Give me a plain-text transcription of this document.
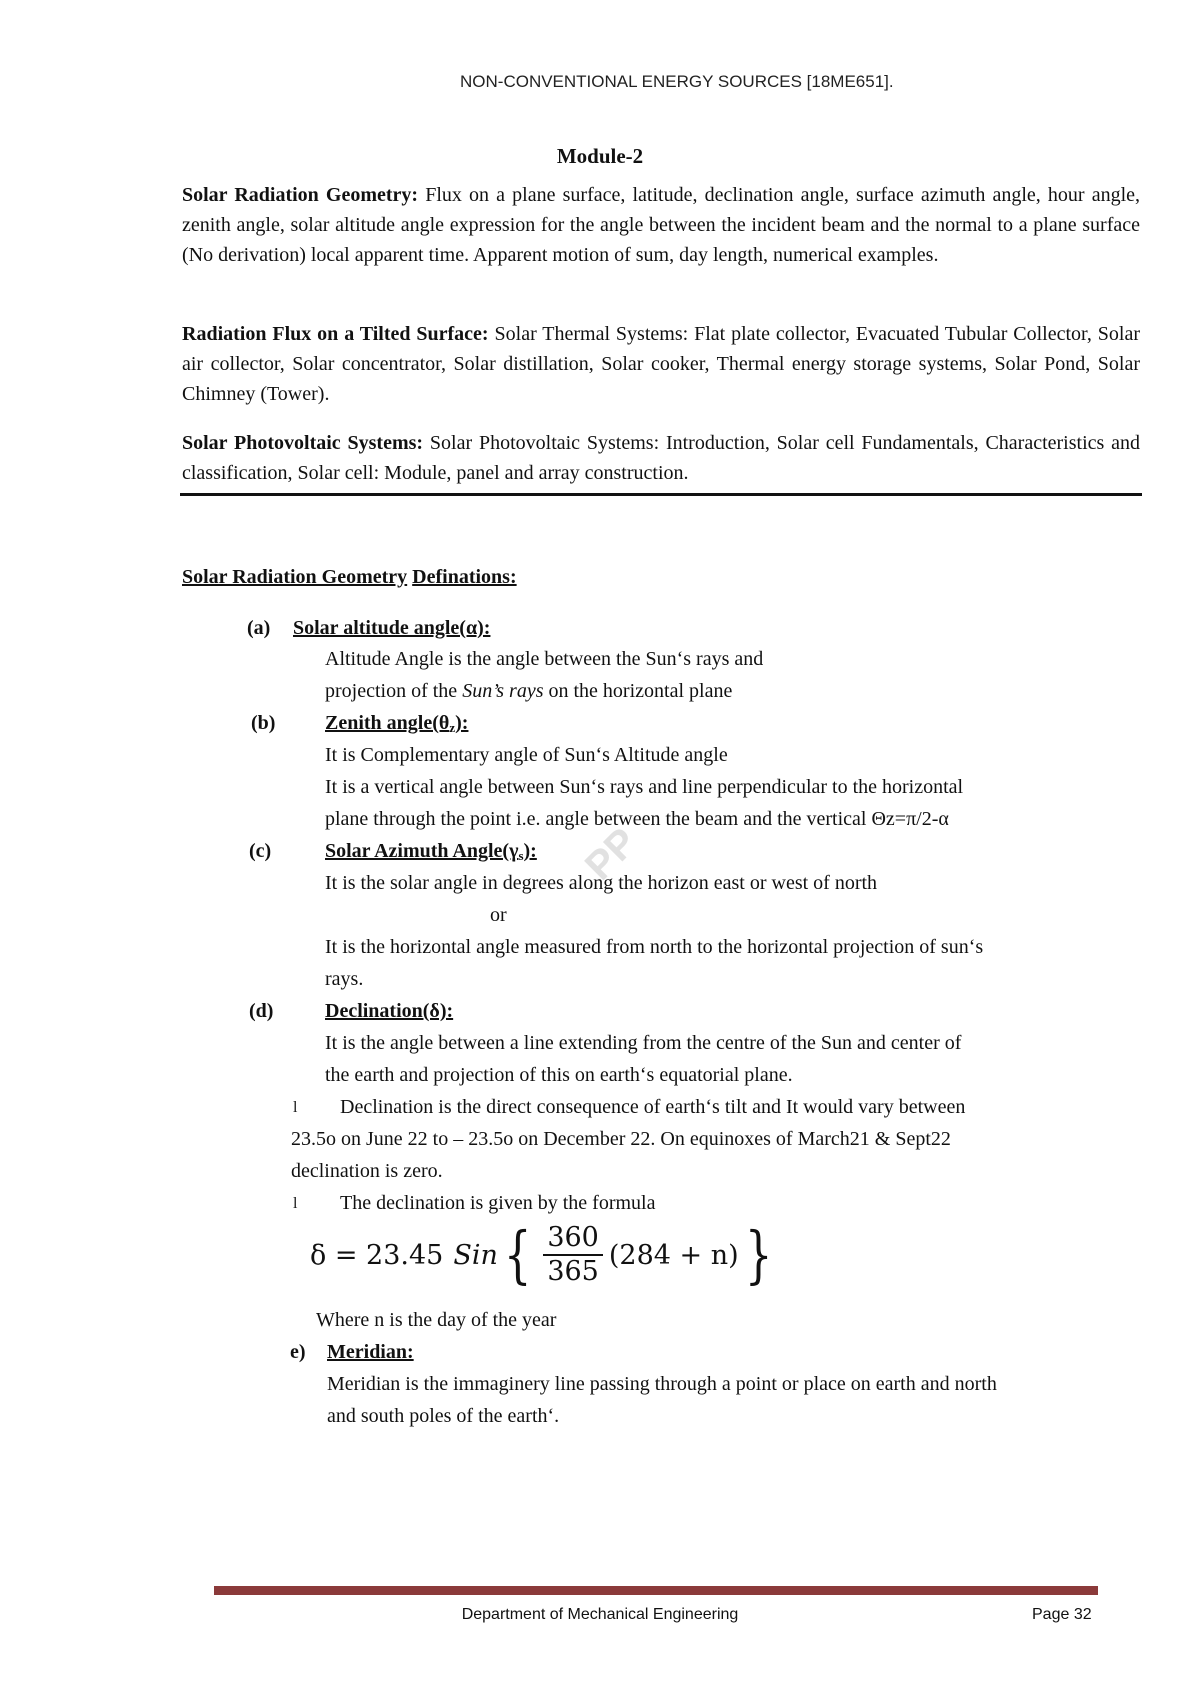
NON-CONVENTIONAL ENERGY SOURCES [18ME651].
Module-2
Solar Radiation Geometry: Flux on a plane surface, latitude, declination angle, surface azimuth angle, hour angle, zenith angle, solar altitude angle expression for the angle between the incident beam and the normal to a plane surface (No derivation) local apparent time. Apparent motion of sum, day length, numerical examples.
Radiation Flux on a Tilted Surface: Solar Thermal Systems: Flat plate collector, Evacuated Tubular Collector, Solar air collector, Solar concentrator, Solar distillation, Solar cooker, Thermal energy storage systems, Solar Pond, Solar Chimney (Tower).
Solar Photovoltaic Systems: Solar Photovoltaic Systems: Introduction, Solar cell Fundamentals, Characteristics and classification, Solar cell: Module, panel and array construction.
Solar Radiation Geometry Definations:
(a) Solar altitude angle(α):
Altitude Angle is the angle between the Sun‘s rays and
projection of the Sun’s rays on the horizontal plane
(b) Zenith $angle(\theta_z)$:
It is Complementary angle of Sun‘s Altitude angle
It is a vertical angle between Sun‘s rays and line perpendicular to the horizontal
plane through the point i.e. angle between the beam and the vertical Θz=π/2-α
(c)	Solar Azimuth $Angle(\gamma_s)$:
It is the solar angle in degrees along the horizon east or west of north
or
It is the horizontal angle measured from north to the horizontal projection of sun‘s
rays.
(d)	Declination(δ):
It is the angle between a line extending from the centre of the Sun and center of
the earth and projection of this on earth‘s equatorial plane.
l Declination is the direct consequence of earth‘s tilt and It would vary between
23.5o on June 22 to – 23.5o on December 22. On equinoxes of March21 & Sept22
declination is zero.
l The declination is given by the formula
δ = 23.45 Sin { $\frac{360}{365} (284 + n)$ }
Where n is the day of the year
e) Meridian:
Meridian is the immaginery line passing through a point or place on earth and north
and south poles of the earth‘.
PP
Department of Mechanical Engineering	Page 32
